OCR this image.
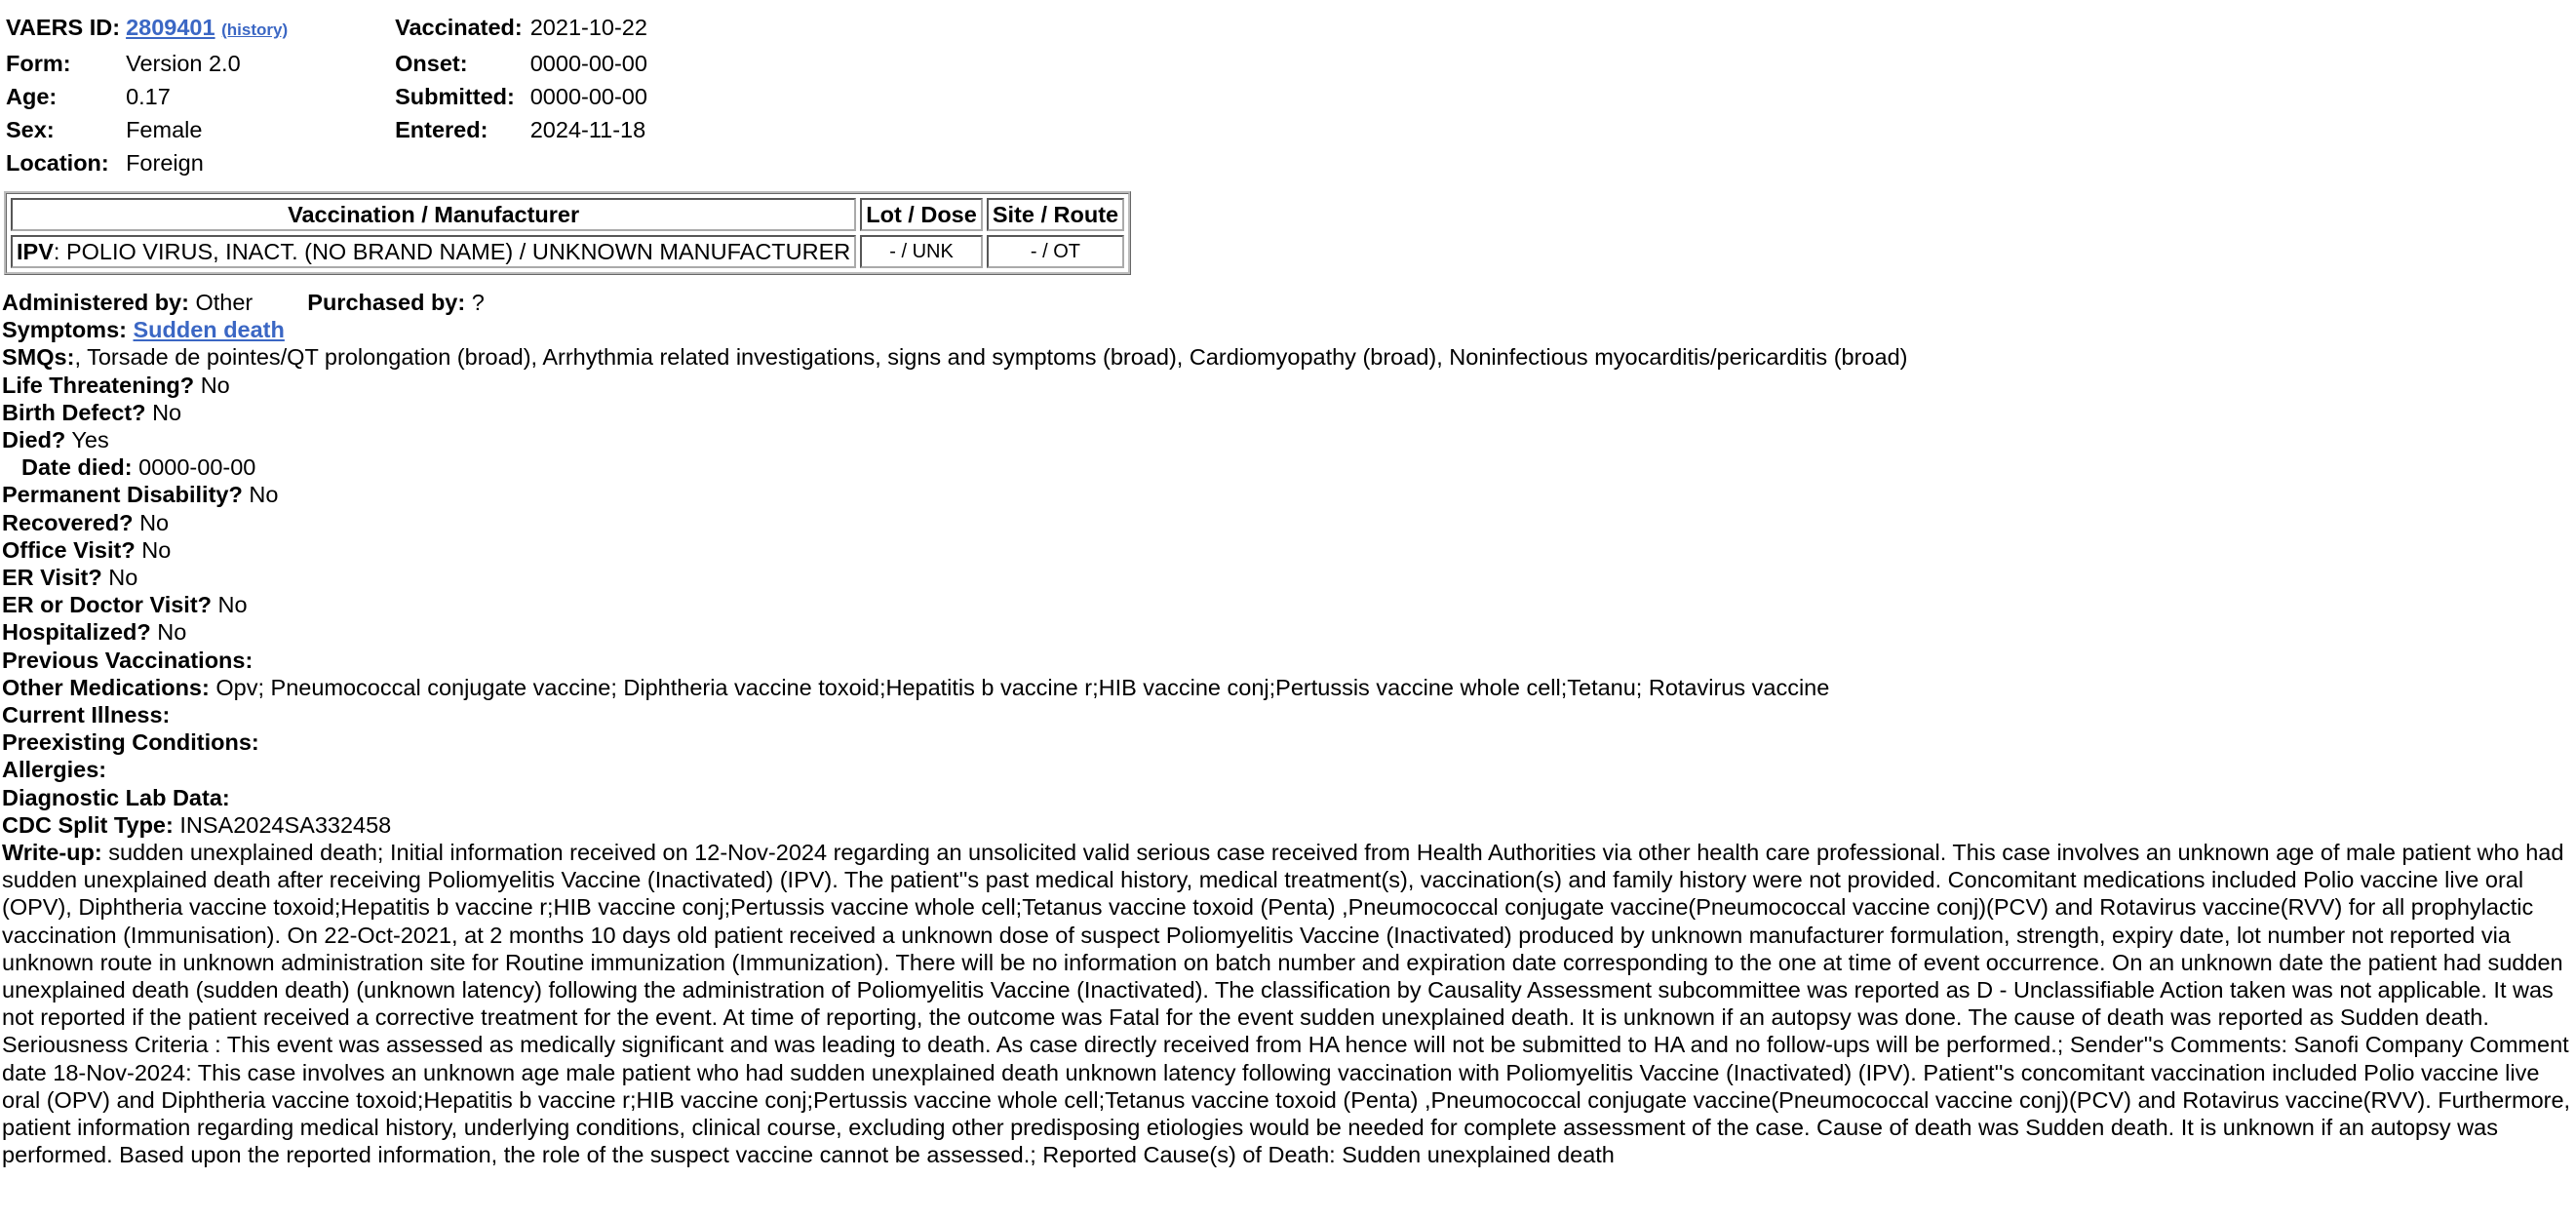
VAERS ID:	2809401 (history)	Vaccinated:	2021-10-22
Form:	Version 2.0	Onset:	0000-00-00
Age:	0.17	Submitted:	0000-00-00
Sex:	Female	Entered:	2024-11-18
Location:	Foreign		
Vaccination / Manufacturer	Lot / Dose	Site / Route
IPV: POLIO VIRUS, INACT. (NO BRAND NAME) / UNKNOWN MANUFACTURER	- / UNK	- / OT
Administered by: Other Purchased by: ?
Symptoms: Sudden death
SMQs:, Torsade de pointes/QT prolongation (broad), Arrhythmia related investigations, signs and symptoms (broad), Cardiomyopathy (broad), Noninfectious myocarditis/pericarditis (broad)
Life Threatening? No
Birth Defect? No
Died? Yes
Date died: 0000-00-00
Permanent Disability? No
Recovered? No
Office Visit? No
ER Visit? No
ER or Doctor Visit? No
Hospitalized? No
Previous Vaccinations:
Other Medications: Opv; Pneumococcal conjugate vaccine; Diphtheria vaccine toxoid;Hepatitis b vaccine r;HIB vaccine conj;Pertussis vaccine whole cell;Tetanu; Rotavirus vaccine
Current Illness:
Preexisting Conditions:
Allergies:
Diagnostic Lab Data:
CDC Split Type: INSA2024SA332458
Write-up: sudden unexplained death; Initial information received on 12-Nov-2024 regarding an unsolicited valid serious case received from Health Authorities via other health care professional. This case involves an unknown age of male patient who had sudden unexplained death after receiving Poliomyelitis Vaccine (Inactivated) (IPV). The patient''s past medical history, medical treatment(s), vaccination(s) and family history were not provided. Concomitant medications included Polio vaccine live oral (OPV), Diphtheria vaccine toxoid;Hepatitis b vaccine r;HIB vaccine conj;Pertussis vaccine whole cell;Tetanus vaccine toxoid (Penta) ,Pneumococcal conjugate vaccine(Pneumococcal vaccine conj)(PCV) and Rotavirus vaccine(RVV) for all prophylactic vaccination (Immunisation). On 22-Oct-2021, at 2 months 10 days old patient received a unknown dose of suspect Poliomyelitis Vaccine (Inactivated) produced by unknown manufacturer formulation, strength, expiry date, lot number not reported via unknown route in unknown administration site for Routine immunization (Immunization). There will be no information on batch number and expiration date corresponding to the one at time of event occurrence. On an unknown date the patient had sudden unexplained death (sudden death) (unknown latency) following the administration of Poliomyelitis Vaccine (Inactivated). The classification by Causality Assessment subcommittee was reported as D - Unclassifiable Action taken was not applicable. It was not reported if the patient received a corrective treatment for the event. At time of reporting, the outcome was Fatal for the event sudden unexplained death. It is unknown if an autopsy was done. The cause of death was reported as Sudden death. Seriousness Criteria : This event was assessed as medically significant and was leading to death. As case directly received from HA hence will not be submitted to HA and no follow-ups will be performed.; Sender''s Comments: Sanofi Company Comment date 18-Nov-2024: This case involves an unknown age male patient who had sudden unexplained death unknown latency following vaccination with Poliomyelitis Vaccine (Inactivated) (IPV). Patient''s concomitant vaccination included Polio vaccine live oral (OPV) and Diphtheria vaccine toxoid;Hepatitis b vaccine r;HIB vaccine conj;Pertussis vaccine whole cell;Tetanus vaccine toxoid (Penta) ,Pneumococcal conjugate vaccine(Pneumococcal vaccine conj)(PCV) and Rotavirus vaccine(RVV). Furthermore, patient information regarding medical history, underlying conditions, clinical course, excluding other predisposing etiologies would be needed for complete assessment of the case. Cause of death was Sudden death. It is unknown if an autopsy was performed. Based upon the reported information, the role of the suspect vaccine cannot be assessed.; Reported Cause(s) of Death: Sudden unexplained death
